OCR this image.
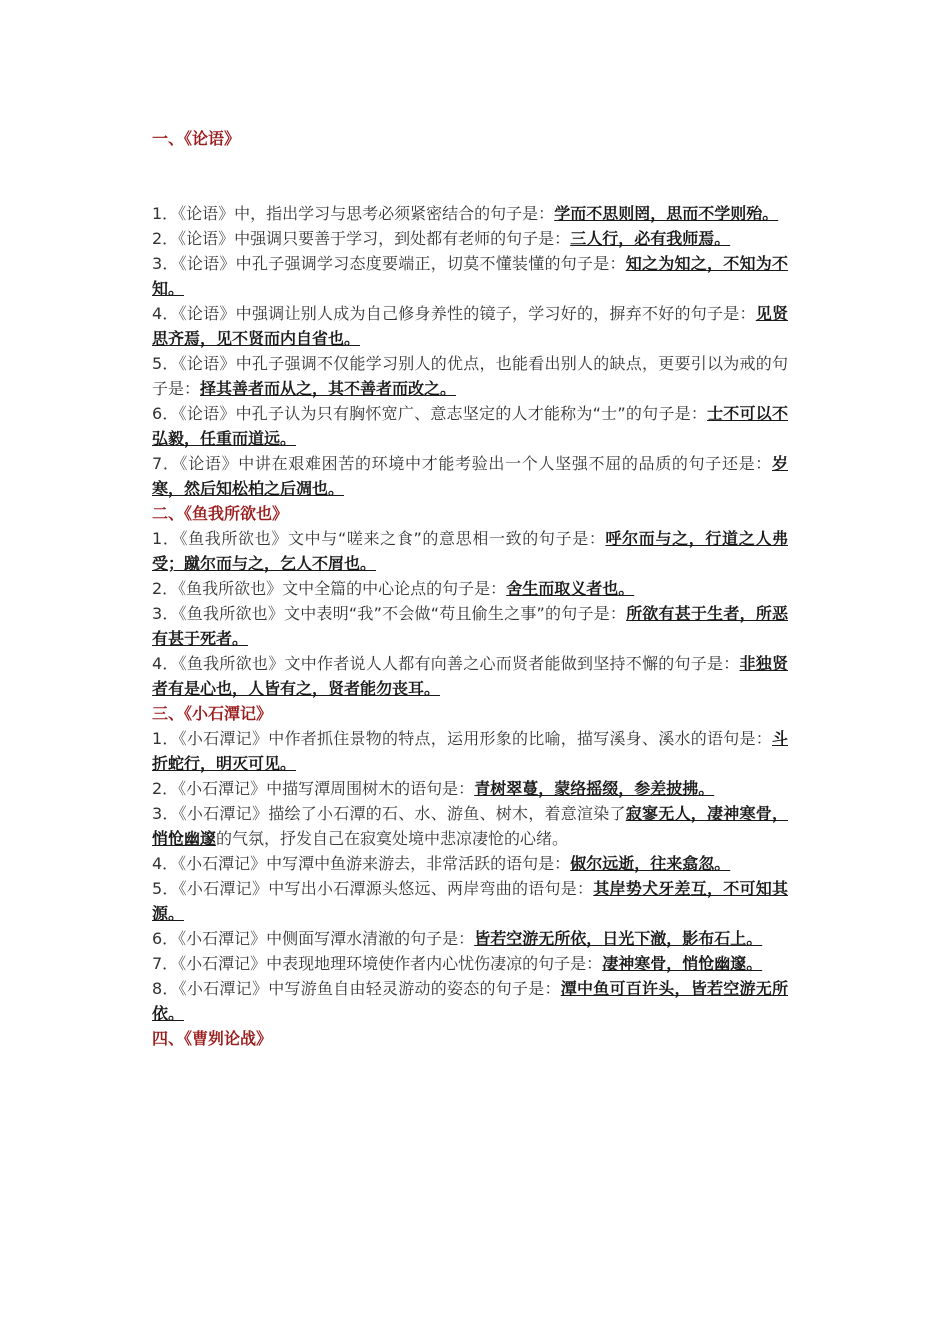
一、《论语》
1．《论语》中，指出学习与思考必须紧密结合的句子是：学而不思则罔，思而不学则殆。
2．《论语》中强调只要善于学习，到处都有老师的句子是：三人行，必有我师焉。
3．《论语》中孔子强调学习态度要端正，切莫不懂装懂的句子是：知之为知之，不知为不知。
4．《论语》中强调让别人成为自己修身养性的镜子，学习好的，摒弃不好的句子是：见贤思齐焉，见不贤而内自省也。
5．《论语》中孔子强调不仅能学习别人的优点，也能看出别人的缺点，更要引以为戒的句子是：择其善者而从之，其不善者而改之。
6．《论语》中孔子认为只有胸怀宽广、意志坚定的人才能称为“士”的句子是：士不可以不弘毅，任重而道远。
7．《论语》中讲在艰难困苦的环境中才能考验出一个人坚强不屈的品质的句子还是：岁寒，然后知松柏之后凋也。
二、《鱼我所欲也》
1．《鱼我所欲也》文中与“嗟来之食”的意思相一致的句子是：呼尔而与之，行道之人弗受；蹴尔而与之，乞人不屑也。
2．《鱼我所欲也》文中全篇的中心论点的句子是：舍生而取义者也。
3．《鱼我所欲也》文中表明“我”不会做“苟且偷生之事”的句子是：所欲有甚于生者，所恶有甚于死者。
4．《鱼我所欲也》文中作者说人人都有向善之心而贤者能做到坚持不懈的句子是：非独贤者有是心也，人皆有之，贤者能勿丧耳。
三、《小石潭记》
1．《小石潭记》中作者抓住景物的特点，运用形象的比喻，描写溪身、溪水的语句是：斗折蛇行，明灭可见。
2．《小石潭记》中描写潭周围树木的语句是：青树翠蔓，蒙络摇缀，参差披拂。
3．《小石潭记》描绘了小石潭的石、水、游鱼、树木，着意渲染了寂寥无人，凄神寒骨，悄怆幽邃的气氛，抒发自己在寂寞处境中悲凉凄怆的心绪。
4．《小石潭记》中写潭中鱼游来游去，非常活跃的语句是：俶尔远逝，往来翕忽。
5．《小石潭记》中写出小石潭源头悠远、两岸弯曲的语句是：其岸势犬牙差互，不可知其源。
6．《小石潭记》中侧面写潭水清澈的句子是：皆若空游无所依，日光下澈，影布石上。
7．《小石潭记》中表现地理环境使作者内心忧伤凄凉的句子是：凄神寒骨，悄怆幽邃。
8．《小石潭记》中写游鱼自由轻灵游动的姿态的句子是：潭中鱼可百许头，皆若空游无所依。
四、《曹刿论战》
